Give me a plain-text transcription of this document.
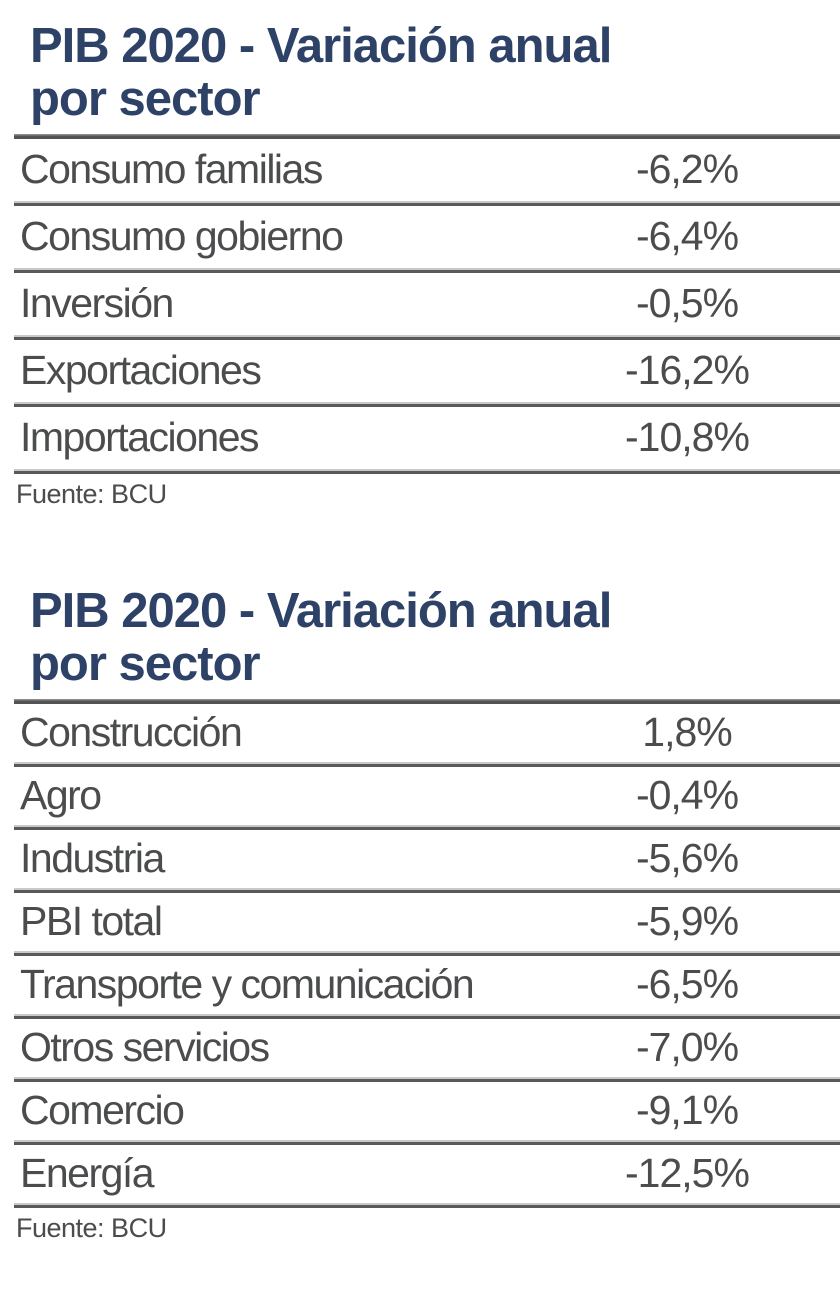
PIB 2020 - Variación anual por sector
Consumo familias	-6,2%
Consumo gobierno	-6,4%
Inversión	-0,5%
Exportaciones	-16,2%
Importaciones	-10,8%
Fuente: BCU
PIB 2020 - Variación anual por sector
Construcción	1,8%
Agro	-0,4%
Industria	-5,6%
PBI total	-5,9%
Transporte y comunicación	-6,5%
Otros servicios	-7,0%
Comercio	-9,1%
Energía	-12,5%
Fuente: BCU
